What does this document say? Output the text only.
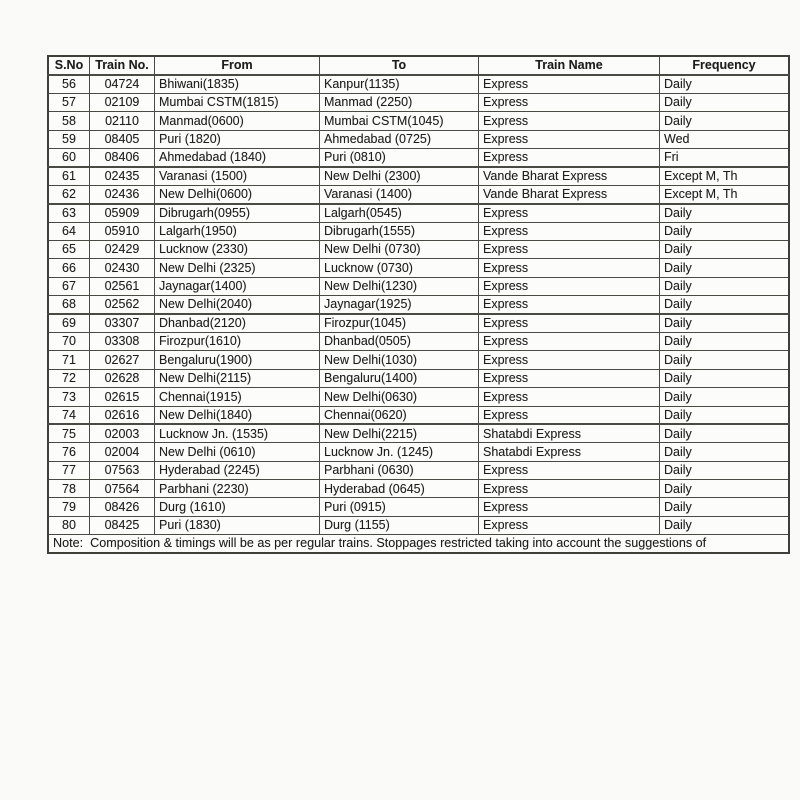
S.No	Train No.	From	To	Train Name	Frequency
56	04724	Bhiwani(1835)	Kanpur(1135)	Express	Daily
57	02109	Mumbai CSTM(1815)	Manmad (2250)	Express	Daily
58	02110	Manmad(0600)	Mumbai CSTM(1045)	Express	Daily
59	08405	Puri (1820)	Ahmedabad (0725)	Express	Wed
60	08406	Ahmedabad (1840)	Puri (0810)	Express	Fri
61	02435	Varanasi (1500)	New Delhi (2300)	Vande Bharat Express	Except M, Th
62	02436	New Delhi(0600)	Varanasi (1400)	Vande Bharat Express	Except M, Th
63	05909	Dibrugarh(0955)	Lalgarh(0545)	Express	Daily
64	05910	Lalgarh(1950)	Dibrugarh(1555)	Express	Daily
65	02429	Lucknow (2330)	New Delhi (0730)	Express	Daily
66	02430	New Delhi (2325)	Lucknow (0730)	Express	Daily
67	02561	Jaynagar(1400)	New Delhi(1230)	Express	Daily
68	02562	New Delhi(2040)	Jaynagar(1925)	Express	Daily
69	03307	Dhanbad(2120)	Firozpur(1045)	Express	Daily
70	03308	Firozpur(1610)	Dhanbad(0505)	Express	Daily
71	02627	Bengaluru(1900)	New Delhi(1030)	Express	Daily
72	02628	New Delhi(2115)	Bengaluru(1400)	Express	Daily
73	02615	Chennai(1915)	New Delhi(0630)	Express	Daily
74	02616	New Delhi(1840)	Chennai(0620)	Express	Daily
75	02003	Lucknow Jn. (1535)	New Delhi(2215)	Shatabdi Express	Daily
76	02004	New Delhi (0610)	Lucknow Jn. (1245)	Shatabdi Express	Daily
77	07563	Hyderabad (2245)	Parbhani (0630)	Express	Daily
78	07564	Parbhani (2230)	Hyderabad (0645)	Express	Daily
79	08426	Durg (1610)	Puri (0915)	Express	Daily
80	08425	Puri (1830)	Durg (1155)	Express	Daily
Note:  Composition & timings will be as per regular trains. Stoppages restricted taking into account the suggestions of					
